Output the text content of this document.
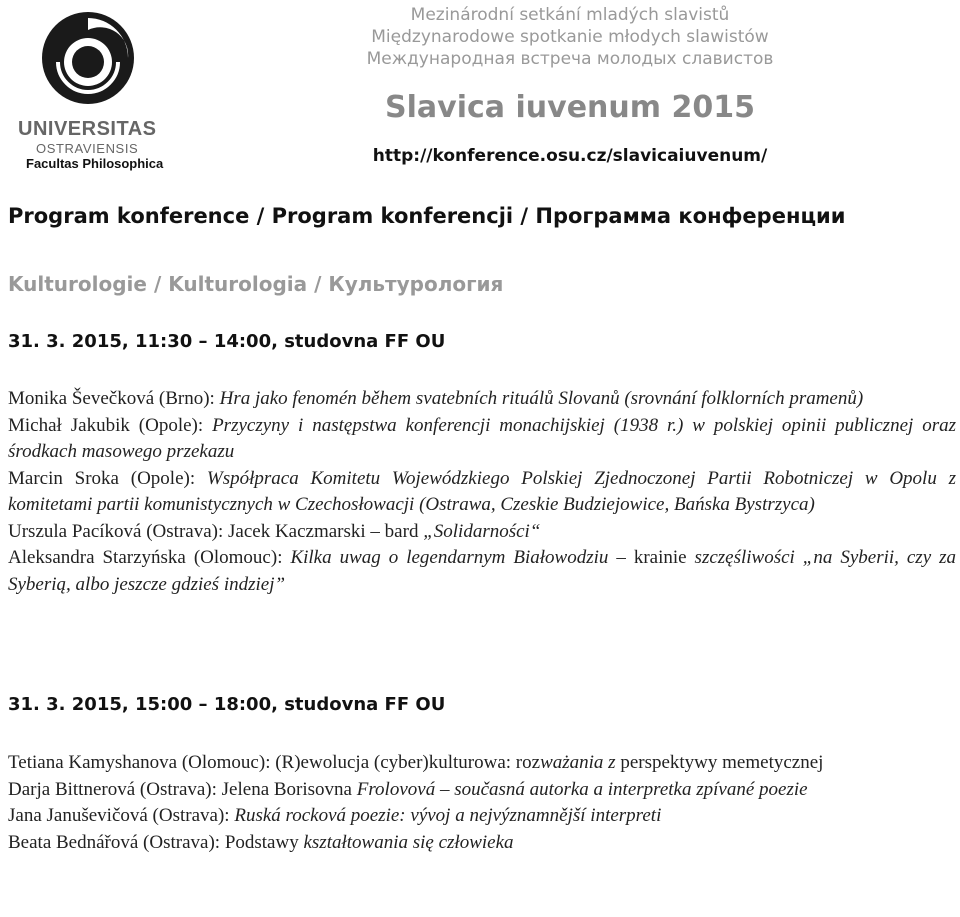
UNIVERSITAS
OSTRAVIENSIS
Facultas Philosophica
Mezinárodní setkání mladých slavistů
Międzynarodowe spotkanie młodych slawistów
Международная встреча молодых славистов
Slavica iuvenum 2015
http://konference.osu.cz/slavicaiuvenum/
Program konference / Program konferencji / Программа конференции
Kulturologie / Kulturologia / Культурология
31. 3. 2015, 11:30 – 14:00, studovna FF OU

Monika Ševečková (Brno): Hra jako fenomén během svatebních rituálů Slovanů (srovnání folklorních pramenů)

Michał Jakubik (Opole): Przyczyny i następstwa konferencji monachijskiej (1938 r.) w polskiej opinii publicznej oraz środkach masowego przekazu

Marcin Sroka (Opole): Współpraca Komitetu Wojewódzkiego Polskiej Zjednoczonej Partii Robotniczej w Opolu z komitetami partii komunistycznych w Czechosłowacji (Ostrawa, Czeskie Budziejowice, Bańska Bystrzyca)

Urszula Pacíková (Ostrava): Jacek Kaczmarski – bard „Solidarności“

Aleksandra Starzyńska (Olomouc): Kilka uwag o legendarnym Białowodziu – krainie szczęśliwości „na Syberii, czy za Syberią, albo jeszcze gdzieś indziej”

31. 3. 2015, 15:00 – 18:00, studovna FF OU

Tetiana Kamyshanova (Olomouc): (R)ewolucja (cyber)kulturowa: rozważania z perspektywy memetycznej

Darja Bittnerová (Ostrava): Jelena Borisovna Frolovová – současná autorka a interpretka zpívané poezie

Jana Januševičová (Ostrava): Ruská rocková poezie: vývoj a nejvýznamnější interpreti

Beata Bednářová (Ostrava): Podstawy kształtowania się człowieka
